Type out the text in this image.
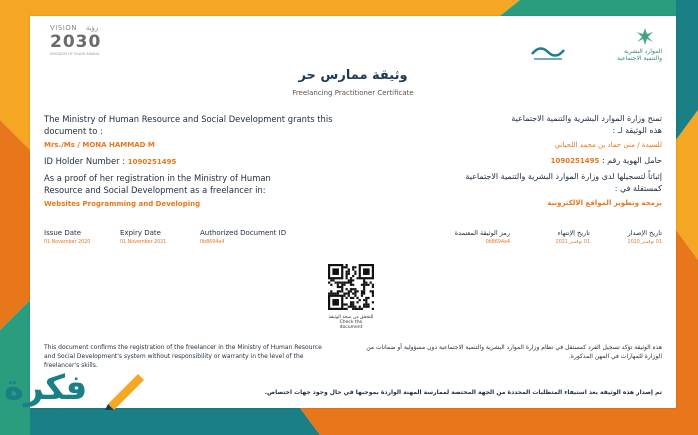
VISION رؤية
2030
KINGDOM OF SAUDI ARABIA	الموارد البشرية
والتنمية الاجتماعية
وثيقة ممارس حر
Freelancing Practitioner Certificate
The Ministry of Human Resource and Social Development grants this
document to :
Mrs./Ms / MONA HAMMAD M
ID Holder Number : 1090251495
As a proof of her registration in the Ministry of Human
Resource and Social Development as a freelancer in:
Websites Programming and Developing
تمنح وزارة الموارد البشرية والتنمية الاجتماعية
هذه الوثيقة لـ :
للسيدة / منى حماد بن محمد اللحياني
حامل الهوية رقم : 1090251495
إثباتاً لتسجيلها لدى وزارة الموارد البشرية والتنمية الاجتماعية
كمستقلة في :
برمجة وتطوير المواقع الالكترونية
Issue Date
01 November 2020
Expiry Date
01 November 2021
Authorized Document ID
0b8694a4
رمز الوثيقة المعتمدة
0b8694a4
تاريخ الإنتهاء
01 نوفمبر 2021
تاريخ الإصدار
01 نوفمبر 2020
للتحقق من صحة الوثيقة
Check the document
This document confirms the registration of the freelancer in the Ministry of Human Resource
and Social Development's system without responsibility or warranty in the level of the
freelancer's skills.
هذه الوثيقة تؤكد تسجيل الفرد كمستقل في نظام وزارة الموارد البشرية والتنمية الاجتماعية دون مسؤولية أو ضمانات من
الوزارة للمهارات في المهن المذكورة.
تم إصدار هذه الوثيقة بعد استيفاء المتطلبات المحددة من الجهة المختصة لممارسة المهنة الواردة بموجبها في حال وجود جهات اختصاص.
فكرة
fekera.com
